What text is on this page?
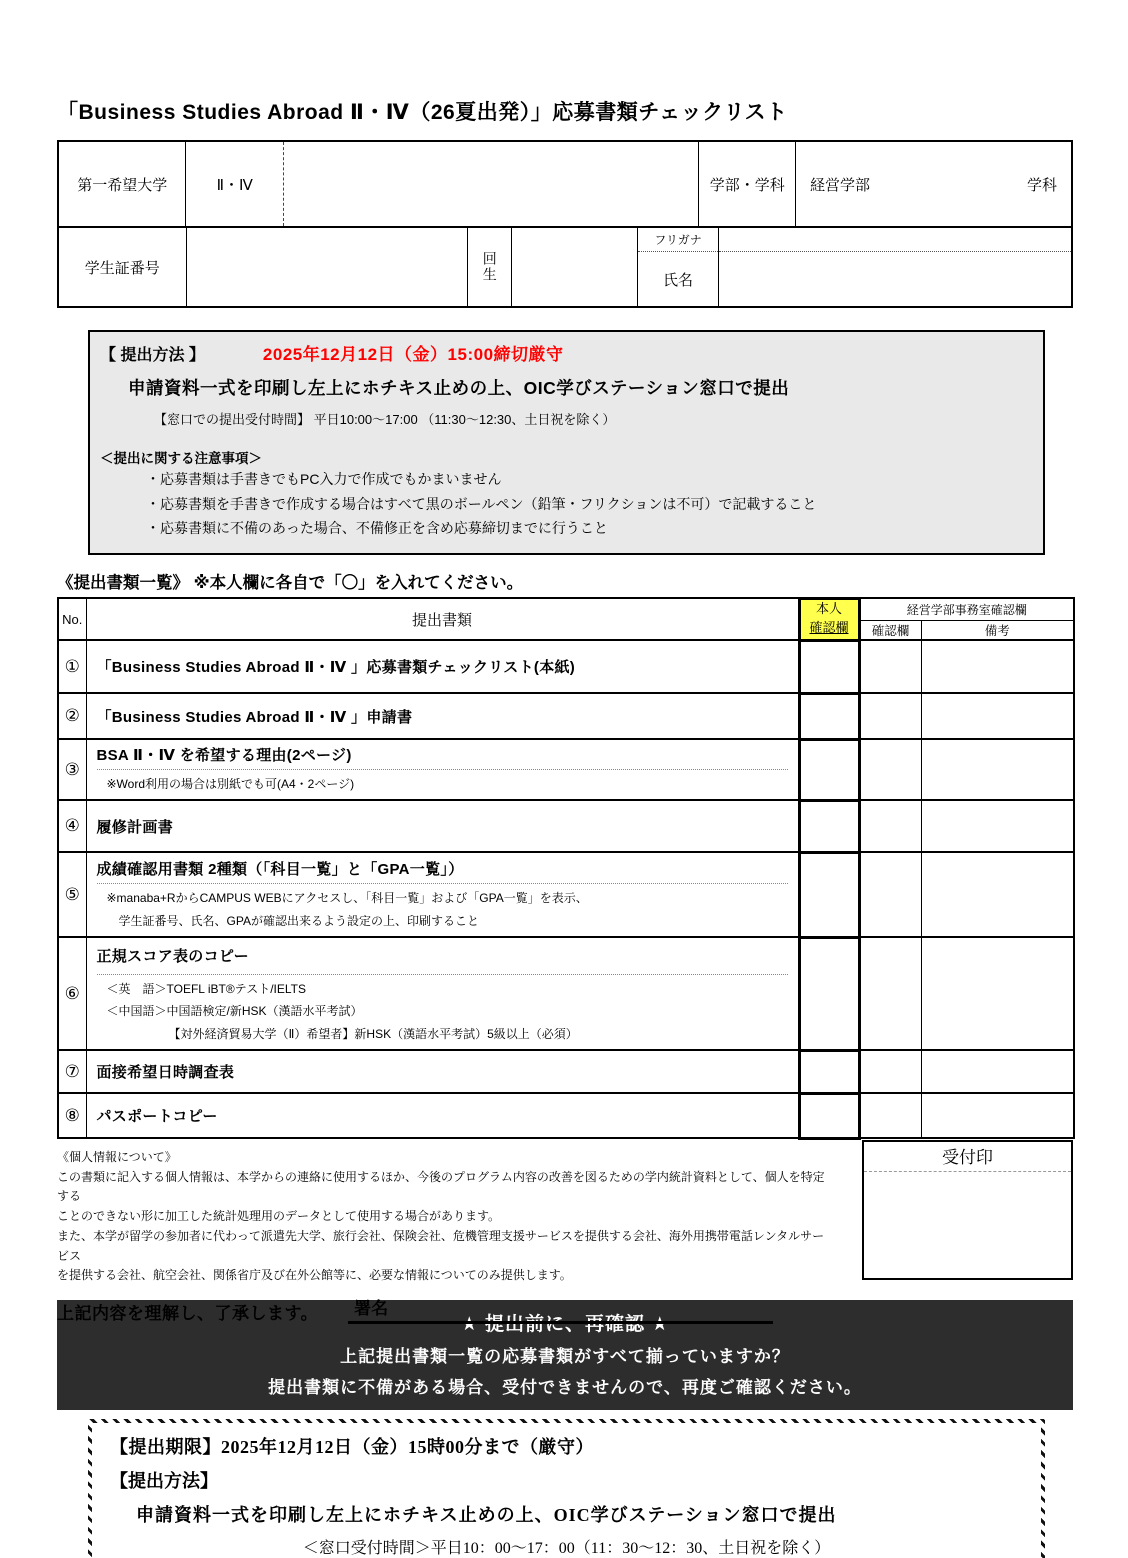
「Business Studies Abroad Ⅱ・Ⅳ（26夏出発）」応募書類チェックリスト
第一希望大学	Ⅱ・Ⅳ	学部・学科	経営学部	学科
学生証番号	回生
フリガナ
氏名
【 提出方法 】	2025年12月12日（金）15:00締切厳守
申請資料一式を印刷し左上にホチキス止めの上、OIC学びステーション窓口で提出
【窓口での提出受付時間】 平日10:00～17:00 （11:30～12:30、土日祝を除く）
＜提出に関する注意事項＞
・応募書類は手書きでもPC入力で作成でもかまいません
・応募書類を手書きで作成する場合はすべて黒のボールペン（鉛筆・フリクションは不可）で記載すること
・応募書類に不備のあった場合、不備修正を含め応募締切までに行うこと
《提出書類一覧》 ※本人欄に各自で「〇」を入れてください。
No.	提出書類	本人
確認欄	経営学部事務室確認欄	
			確認欄	備考
①	「Business Studies Abroad Ⅱ・Ⅳ 」応募書類チェックリスト(本紙)			

②	「Business Studies Abroad Ⅱ・Ⅳ 」申請書			

③	BSA Ⅱ・Ⅳ を希望する理由(2ページ)
※Word利用の場合は別紙でも可(A4・2ページ)			

④	履修計画書			

⑤	成績確認用書類 2種類（「科目一覧」と「GPA一覧」）
※manaba+RからCAMPUS WEBにアクセスし、「科目一覧」および「GPA一覧」を表示、
学生証番号、氏名、GPAが確認出来るよう設定の上、印刷すること			

⑥	正規スコア表のコピー
＜英　語＞TOEFL iBT®テスト/IELTS
＜中国語＞中国語検定/新HSK（漢語水平考試）
【対外経済貿易大学（Ⅱ）希望者】新HSK（漢語水平考試）5級以上（必須）			

⑦	面接希望日時調査表			

⑧	パスポートコピー			

受付印
《個人情報について》
この書類に記入する個人情報は、本学からの連絡に使用するほか、今後のプログラム内容の改善を図るための学内統計資料として、個人を特定する
ことのできない形に加工した統計処理用のデータとして使用する場合があります。
また、本学が留学の参加者に代わって派遣先大学、旅行会社、保険会社、危機管理支援サービスを提供する会社、海外用携帯電話レンタルサービス
を提供する会社、航空会社、関係省庁及び在外公館等に、必要な情報についてのみ提供します。
上記内容を理解し、了承します。	署名
★ 提出前に、再確認 ★
上記提出書類一覧の応募書類がすべて揃っていますか？
提出書類に不備がある場合、受付できませんので、再度ご確認ください。
【提出期限】2025年12月12日（金）15時00分まで（厳守）
【提出方法】
申請資料一式を印刷し左上にホチキス止めの上、OIC学びステーション窓口で提出
＜窓口受付時間＞平日10：00～17：00（11：30～12：30、土日祝を除く）
